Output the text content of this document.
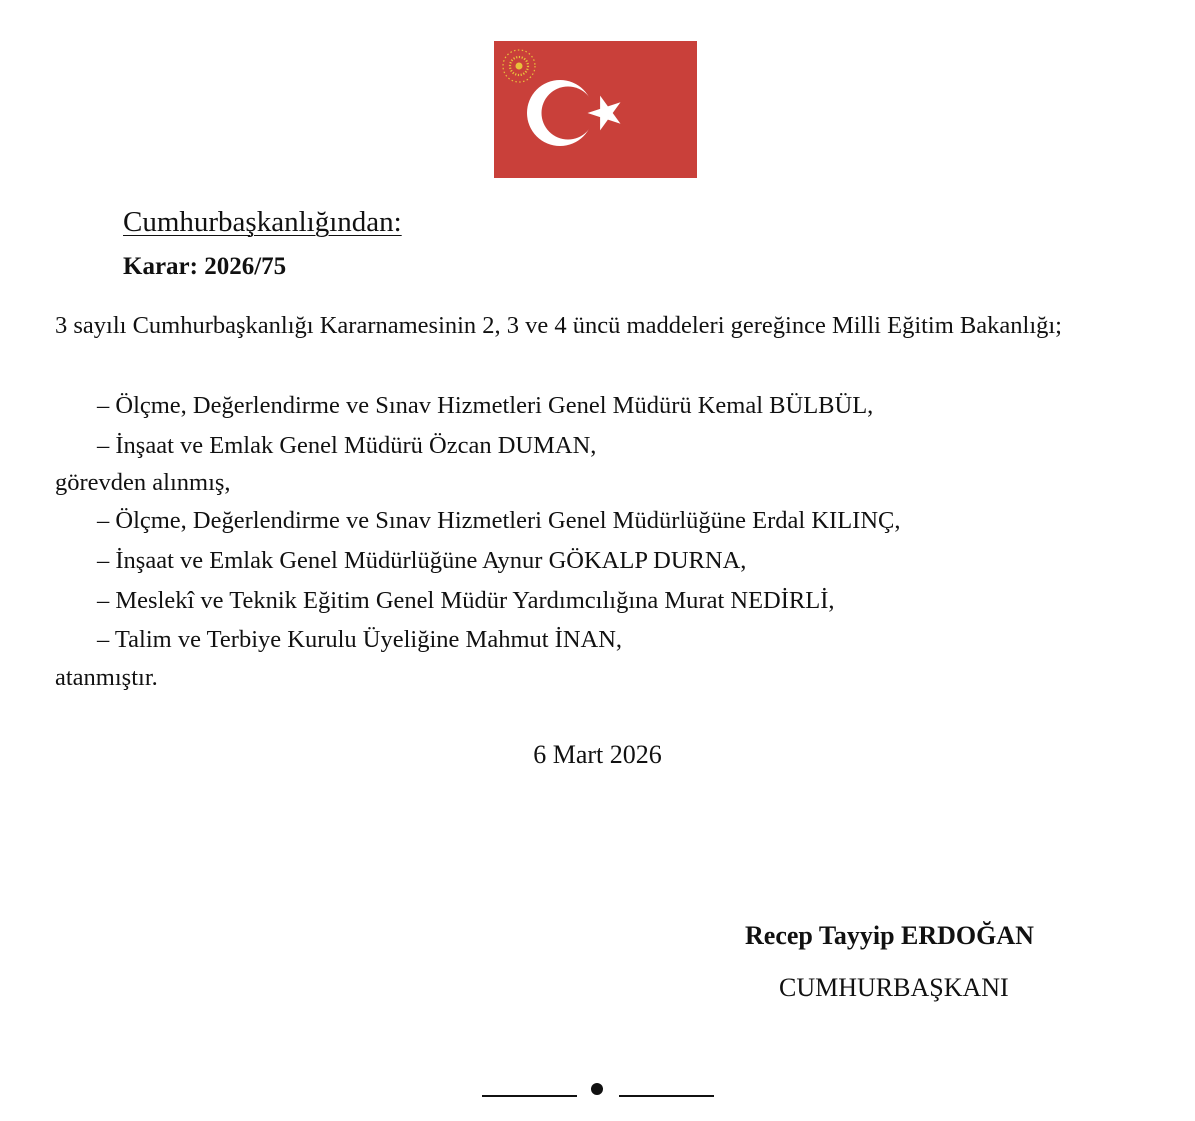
Cumhurbaşkanlığından:
Karar: 2026/75
3 sayılı Cumhurbaşkanlığı Kararnamesinin 2, 3 ve 4 üncü maddeleri gereğince Milli Eğitim Bakanlığı;
– Ölçme, Değerlendirme ve Sınav Hizmetleri Genel Müdürü Kemal BÜLBÜL,
– İnşaat ve Emlak Genel Müdürü Özcan DUMAN,
görevden alınmış,
– Ölçme, Değerlendirme ve Sınav Hizmetleri Genel Müdürlüğüne Erdal KILINÇ,
– İnşaat ve Emlak Genel Müdürlüğüne Aynur GÖKALP DURNA,
– Meslekî ve Teknik Eğitim Genel Müdür Yardımcılığına Murat NEDİRLİ,
– Talim ve Terbiye Kurulu Üyeliğine Mahmut İNAN,
atanmıştır.
6 Mart 2026
Recep Tayyip ERDOĞAN
CUMHURBAŞKANI
